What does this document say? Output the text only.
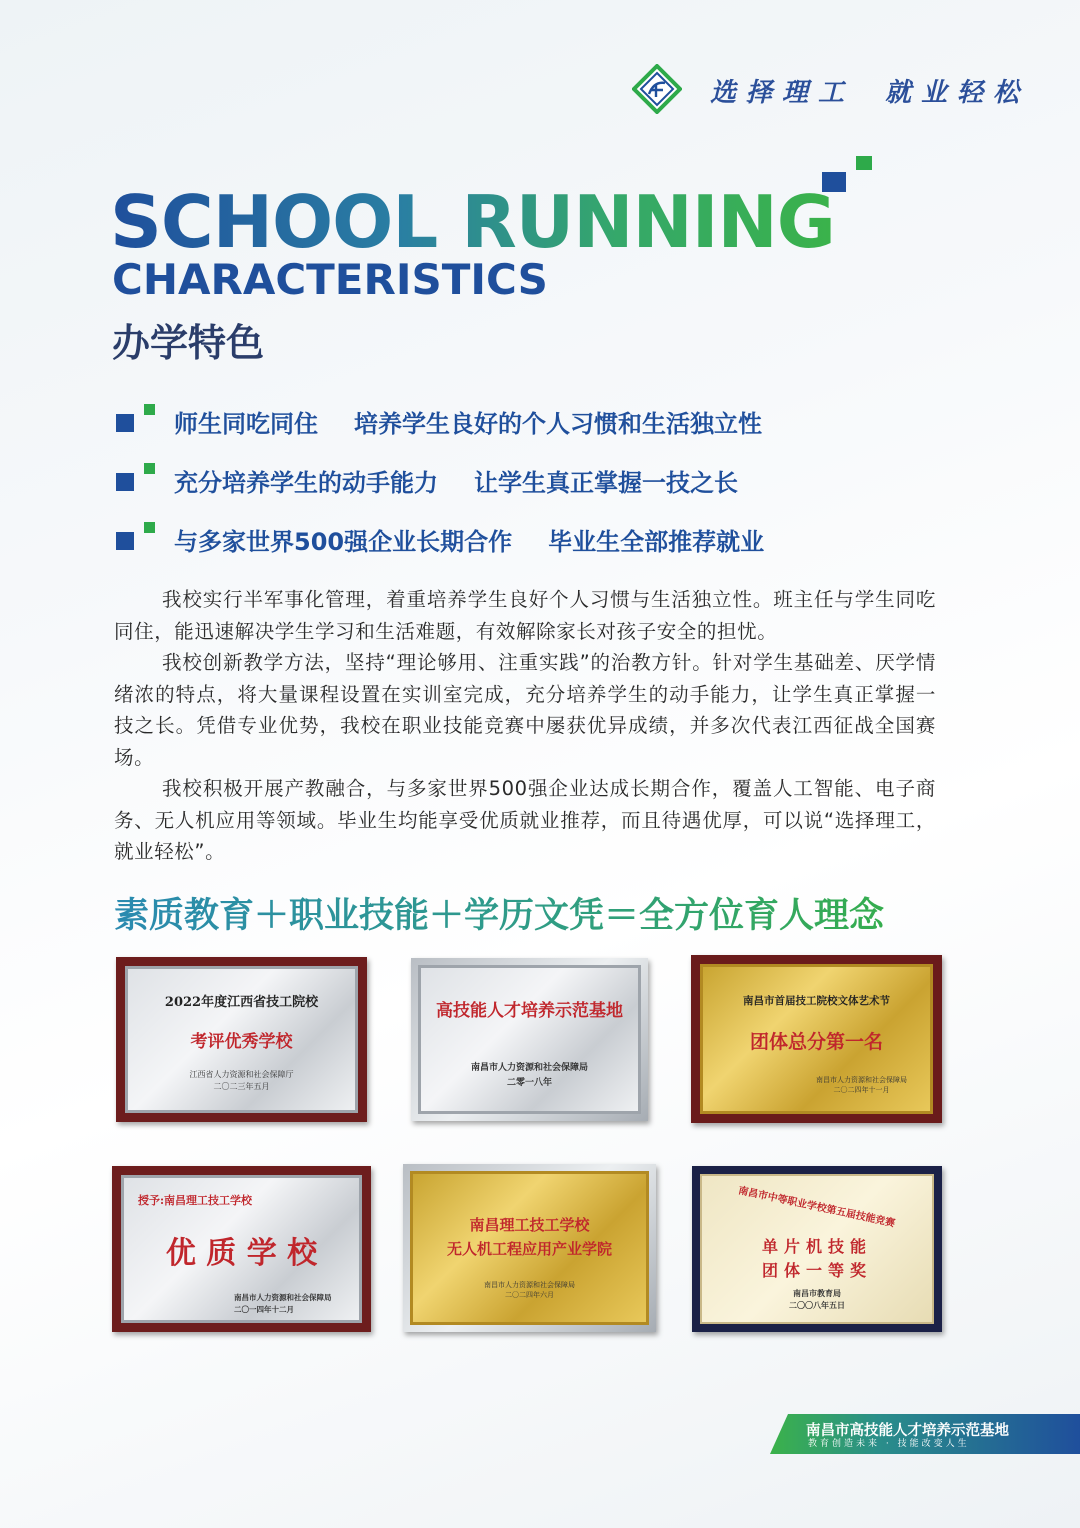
选择理工 就业轻松
SCHOOL RUNNING
CHARACTERISTICS
办学特色
师生同吃同住 培养学生良好的个人习惯和生活独立性
充分培养学生的动手能力 让学生真正掌握一技之长
与多家世界500强企业长期合作 毕业生全部推荐就业

我校实行半军事化管理，着重培养学生良好个人习惯与生活独立性。班主任与学生同吃同住，能迅速解决学生学习和生活难题，有效解除家长对孩子安全的担忧。

我校创新教学方法，坚持“理论够用、注重实践”的治教方针。针对学生基础差、厌学情绪浓的特点，将大量课程设置在实训室完成，充分培养学生的动手能力，让学生真正掌握一技之长。凭借专业优势，我校在职业技能竞赛中屡获优异成绩，并多次代表江西征战全国赛场。

我校积极开展产教融合，与多家世界500强企业达成长期合作，覆盖人工智能、电子商务、无人机应用等领域。毕业生均能享受优质就业推荐，而且待遇优厚，可以说“选择理工，就业轻松”。

素质教育＋职业技能＋学历文凭＝全方位育人理念
2022年度江西省技工院校
考评优秀学校
江西省人力资源和社会保障厅
二〇二三年五月
高技能人才培养示范基地
南昌市人力资源和社会保障局
二零一八年
南昌市首届技工院校文体艺术节
团体总分第一名
南昌市人力资源和社会保障局
二〇二四年十一月
授予:南昌理工技工学校
优 质 学 校
南昌市人力资源和社会保障局
二〇一四年十二月
南昌理工技工学校
无人机工程应用产业学院
南昌市人力资源和社会保障局
二〇二四年六月
南昌市中等职业学校第五届技能竞赛
单片机技能
团体一等奖
南昌市教育局
二〇〇八年五日
南昌市高技能人才培养示范基地
教育创造未来 · 技能改变人生
